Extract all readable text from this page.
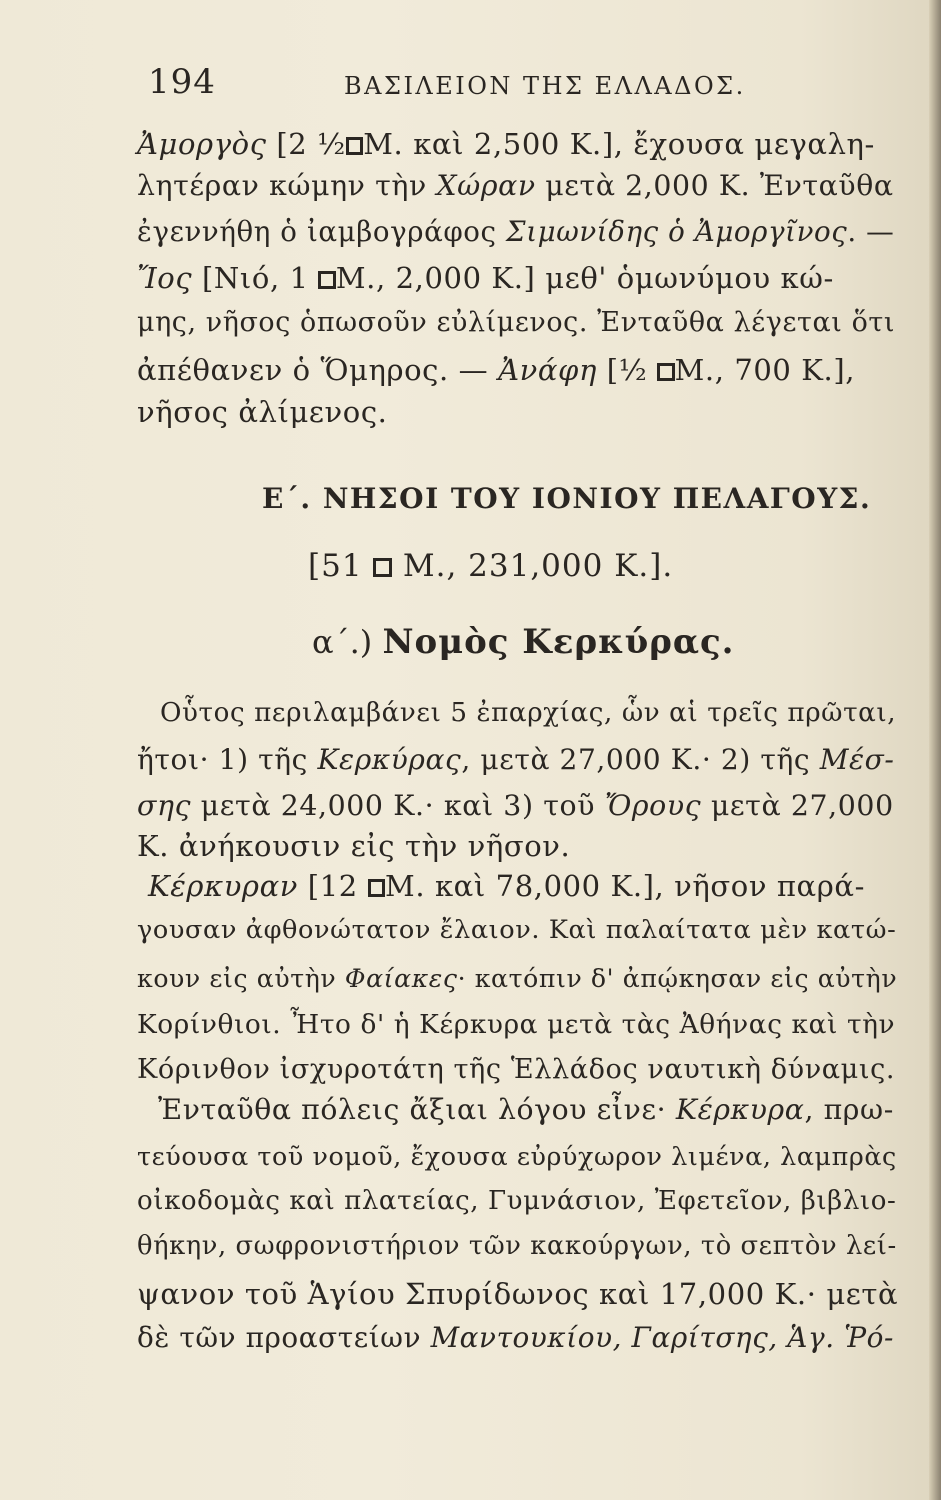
194	ΒΑΣΙΛΕΙΟΝ ΤΗΣ ΕΛΛΑΔΟΣ.
Ἀμοργὸς [2 ½ Μ. καὶ 2,500 Κ.], ἔχουσα μεγαλη-
λητέραν κώμην τὴν Χώραν μετὰ 2,000 Κ. Ἐνταῦθα
ἐγεννήθη ὁ ἰαμβογράφος Σιμωνίδης ὁ Ἀμοργῖνος. —
Ἴος [Νιό, 1 Μ., 2,000 Κ.] μεθ' ὁμωνύμου κώ-
μης, νῆσος ὁπωσοῦν εὐλίμενος. Ἐνταῦθα λέγεται ὅτι
ἀπέθανεν ὁ Ὅμηρος. — Ἀνάφη [½ Μ., 700 Κ.],
νῆσος ἀλίμενος.
Ε΄. ΝΗΣΟΙ ΤΟΥ ΙΟΝΙΟΥ ΠΕΛΑΓΟΥΣ.
[51 Μ., 231,000 Κ.].
α΄.) Νομὸς Κερκύρας.
Οὗτος περιλαμβάνει 5 ἐπαρχίας, ὧν αἱ τρεῖς πρῶται,
ἤτοι· 1) τῆς Κερκύρας, μετὰ 27,000 Κ.· 2) τῆς Μέσ-
σης μετὰ 24,000 Κ.· καὶ 3) τοῦ Ὄρους μετὰ 27,000
Κ. ἀνήκουσιν εἰς τὴν νῆσον.
Κέρκυραν [12 Μ. καὶ 78,000 Κ.], νῆσον παρά-
γουσαν ἀφθονώτατον ἔλαιον. Καὶ παλαίτατα μὲν κατώ-
κουν εἰς αὐτὴν Φαίακες· κατόπιν δ' ἀπῴκησαν εἰς αὐτὴν
Κορίνθιοι. Ἦτο δ' ἡ Κέρκυρα μετὰ τὰς Ἀθήνας καὶ τὴν
Κόρινθον ἰσχυροτάτη τῆς Ἑλλάδος ναυτικὴ δύναμις.
Ἐνταῦθα πόλεις ἄξιαι λόγου εἶνε· Κέρκυρα, πρω-
τεύουσα τοῦ νομοῦ, ἔχουσα εὐρύχωρον λιμένα, λαμπρὰς
οἰκοδομὰς καὶ πλατείας, Γυμνάσιον, Ἐφετεῖον, βιβλιο-
θήκην, σωφρονιστήριον τῶν κακούργων, τὸ σεπτὸν λεί-
ψανον τοῦ Ἁγίου Σπυρίδωνος καὶ 17,000 Κ.· μετὰ
δὲ τῶν προαστείων Μαντουκίου, Γαρίτσης, Ἁγ. Ῥό-
